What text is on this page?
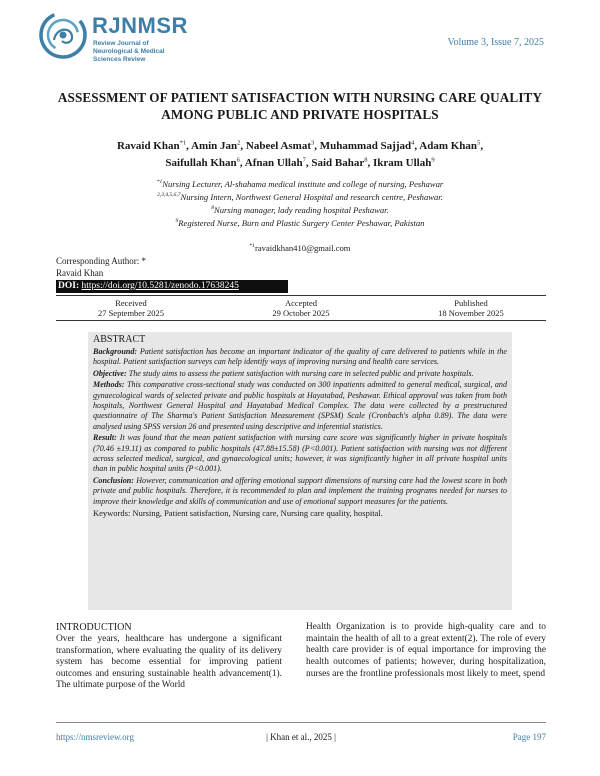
RJNMSR
Review Journal of Neurological & Medical Sciences Review
Volume 3, Issue 7, 2025
ASSESSMENT OF PATIENT SATISFACTION WITH NURSING CARE QUALITY
AMONG PUBLIC AND PRIVATE HOSPITALS
Ravaid Khan$^{*1}$, Amin Jan$^2$, Nabeel Asmat$^3$, Muhammad Sajjad$^4$, Adam Khan$^5$,
Saifullah Khan$^6$, Afnan Ullah$^7$, Said Bahar$^8$, Ikram Ullah$^9$
$^{*1}$Nursing Lecturer, Al-shahama medical institute and college of nursing, Peshawar
$^{2,3,4,5,6,7}$Nursing Intern, Northwest General Hospital and research centre, Peshawar.
$^8$Nursing manager, lady reading hospital Peshawar.
$^9$Registered Nurse, Burn and Plastic Surgery Center Peshawar, Pakistan
$^{*1}$ravaidkhan410@gmail.com
Corresponding Author: *
Ravaid Khan
DOI: https://doi.org/10.5281/zenodo.17638245
Received
27 September 2025
Accepted
29 October 2025
Published
18 November 2025
ABSTRACT

Background: Patient satisfaction has become an important indicator of the quality of care delivered to patients while in the hospital. Patient satisfaction surveys can help identify ways of improving nursing and health care services.

Objective: The study aims to assess the patient satisfaction with nursing care in selected public and private hospitals.

Methods: This comparative cross-sectional study was conducted on 300 inpatients admitted to general medical, surgical, and gynaecological wards of selected private and public hospitals at Hayatabad, Peshawar. Ethical approval was taken from both hospitals, Northwest General Hospital and Hayatabad Medical Complex. The data were collected by a prestructured questionnaire of The Sharma's Patient Satisfaction Measurement (SPSM) Scale (Cronbach's alpha 0.89). The data were analysed using SPSS version 26 and presented using descriptive and inferential statistics.

Result: It was found that the mean patient satisfaction with nursing care score was significantly higher in private hospitals (70.46 ±19.11) as compared to public hospitals (47.88±15.58) (P<0.001). Patient satisfaction with nursing was not different across selected medical, surgical, and gynaecological units; however, it was significantly higher in all private hospital units than in public hospital units (P<0.001).

Conclusion: However, communication and offering emotional support dimensions of nursing care had the lowest score in both private and public hospitals. Therefore, it is recommended to plan and implement the training programs needed for nurses to improve their knowledge and skills of communication and use of emotional support measures for the patients.

Keywords: Nursing, Patient satisfaction, Nursing care, Nursing care quality, hospital.
INTRODUCTION
Over the years, healthcare has undergone a significant transformation, where evaluating the quality of its delivery system has become essential for improving patient outcomes and ensuring sustainable health advancement(1). The ultimate purpose of the World
Health Organization is to provide high-quality care and to maintain the health of all to a great extent(2). The role of every health care provider is of equal importance for improving the health outcomes of patients; however, during hospitalization, nurses are the frontline professionals most likely to meet, spend
https://nmsreview.org	| Khan et al., 2025 |	Page 197
